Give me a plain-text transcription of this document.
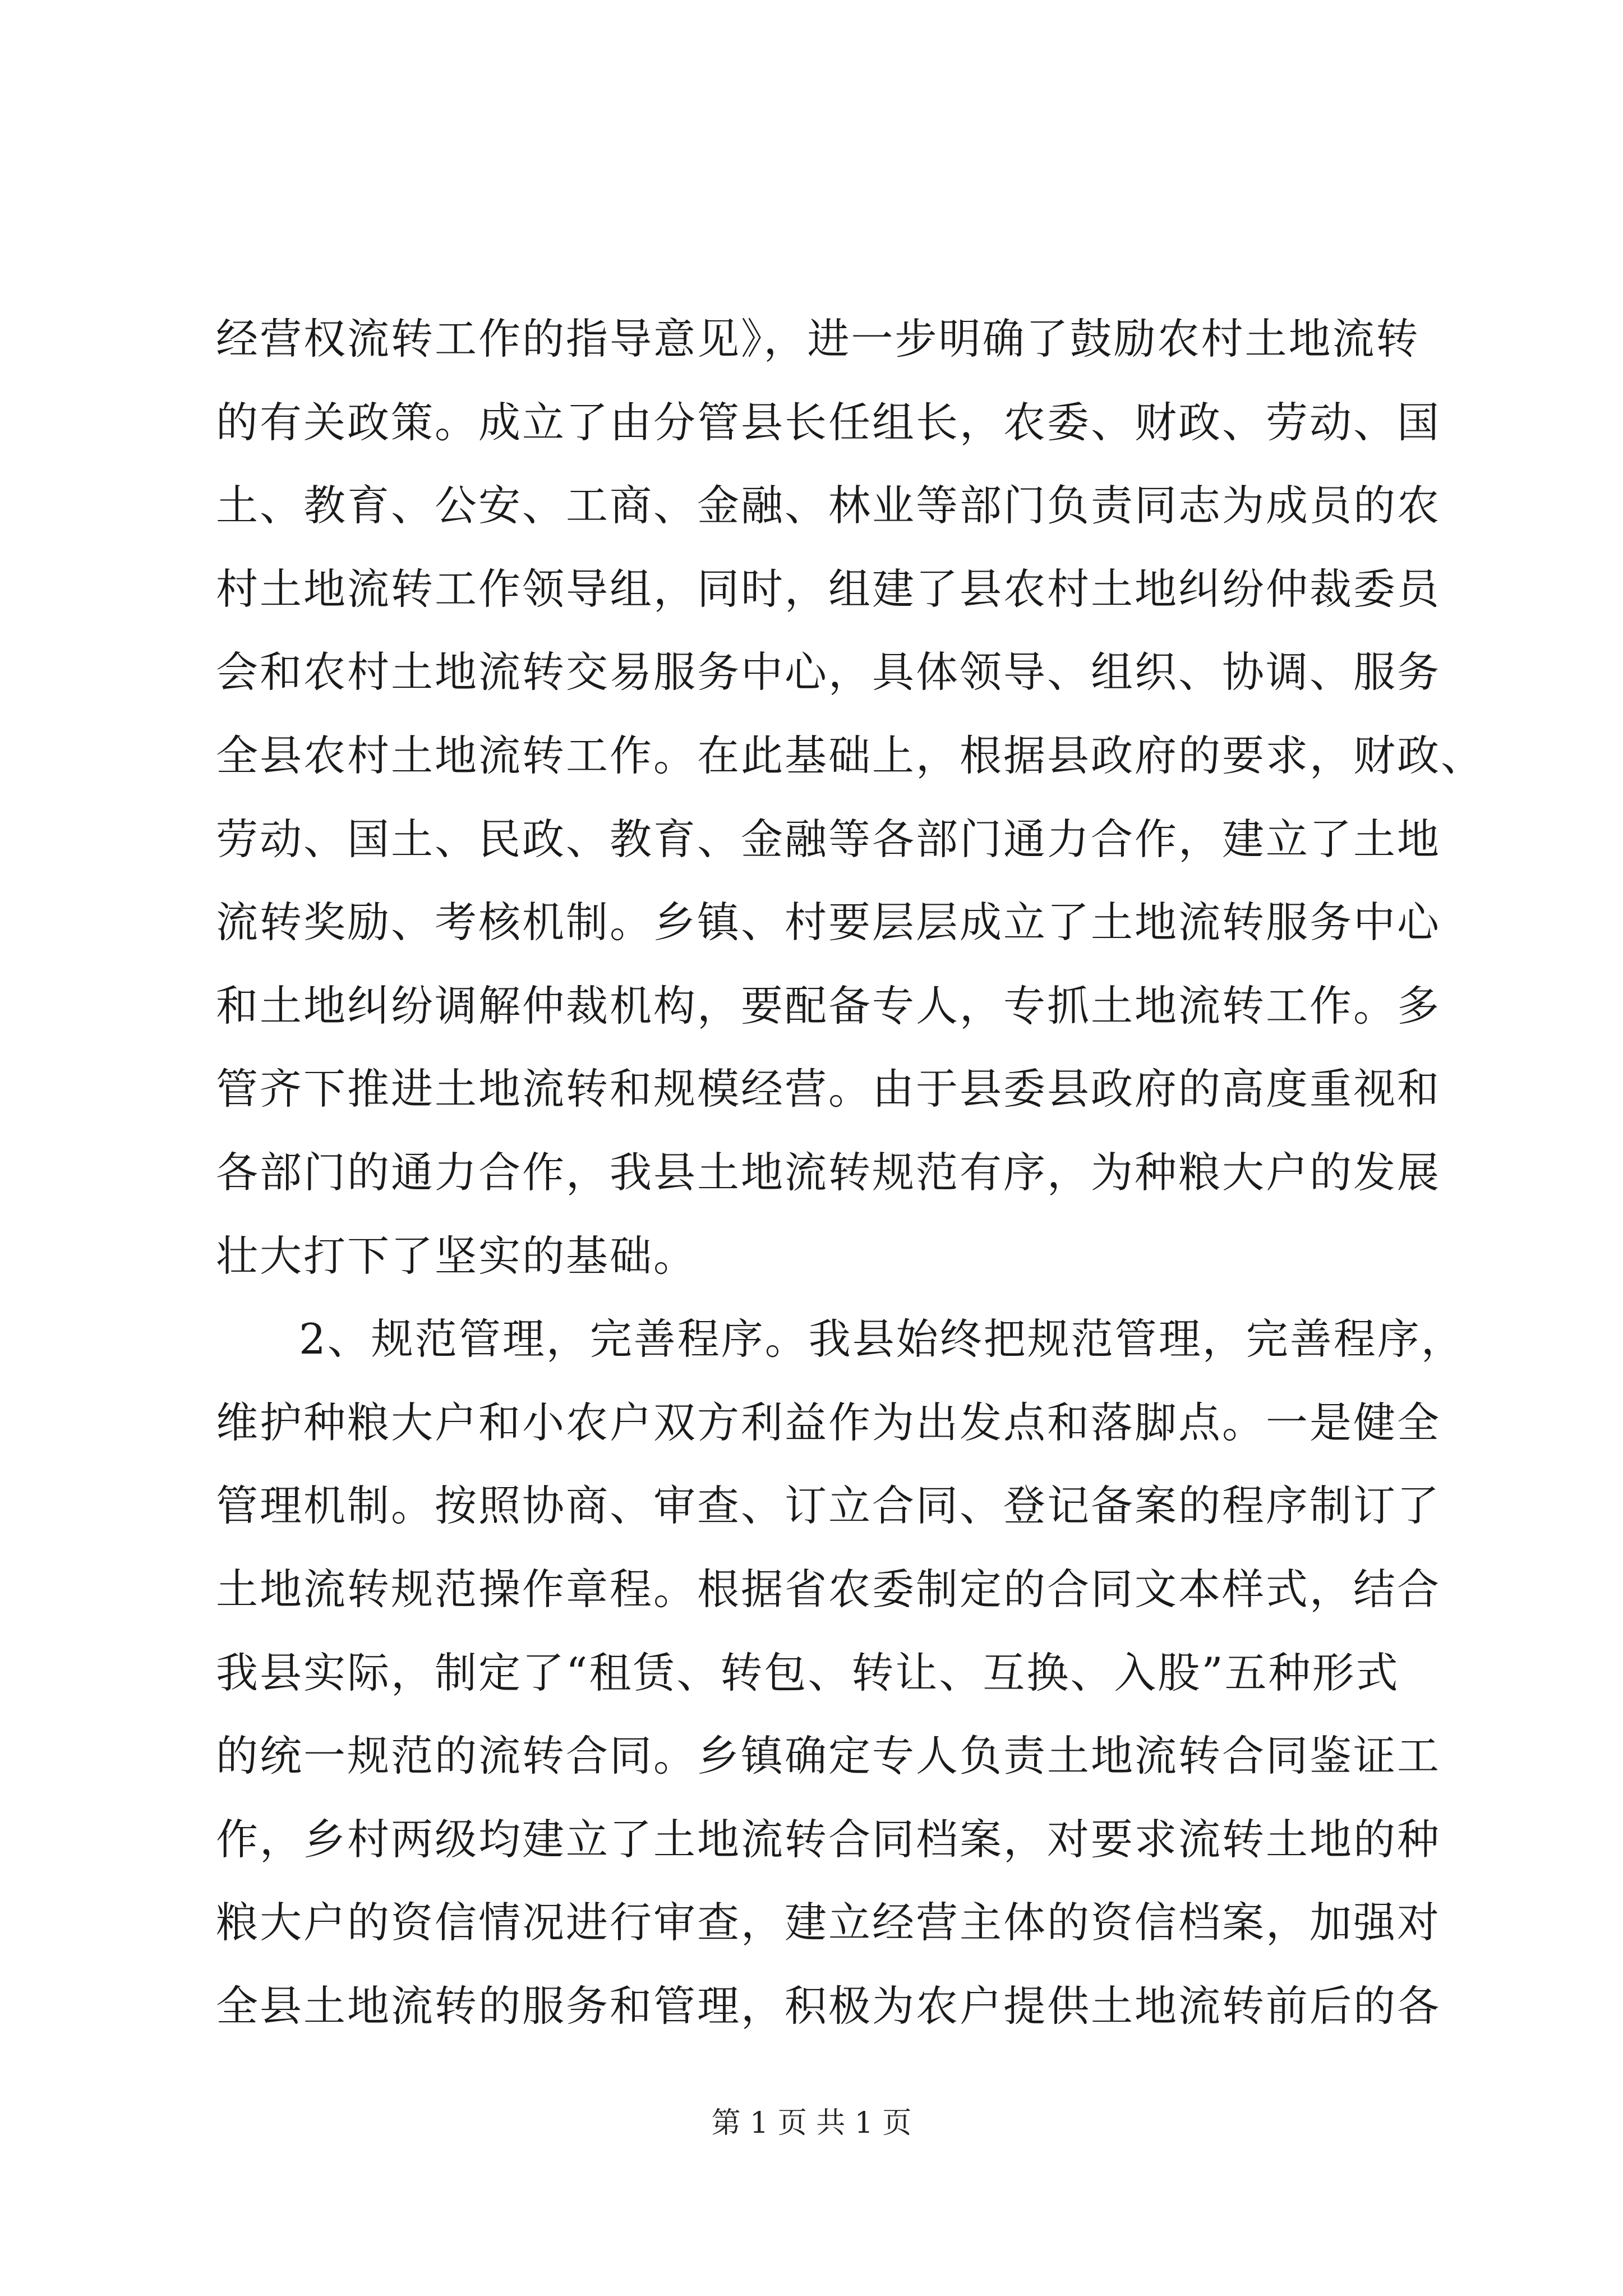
经营权流转工作的指导意见》，进一步明确了鼓励农村土地流转
的有关政策。成立了由分管县长任组长，农委、财政、劳动、国
土、教育、公安、工商、金融、林业等部门负责同志为成员的农
村土地流转工作领导组，同时，组建了县农村土地纠纷仲裁委员
会和农村土地流转交易服务中心，具体领导、组织、协调、服务
全县农村土地流转工作。在此基础上，根据县政府的要求，财政、
劳动、国土、民政、教育、金融等各部门通力合作，建立了土地
流转奖励、考核机制。乡镇、村要层层成立了土地流转服务中心
和土地纠纷调解仲裁机构，要配备专人，专抓土地流转工作。多
管齐下推进土地流转和规模经营。由于县委县政府的高度重视和
各部门的通力合作，我县土地流转规范有序，为种粮大户的发展
壮大打下了坚实的基础。
2、规范管理，完善程序。我县始终把规范管理，完善程序，
维护种粮大户和小农户双方利益作为出发点和落脚点。一是健全
管理机制。按照协商、审查、订立合同、登记备案的程序制订了
土地流转规范操作章程。根据省农委制定的合同文本样式，结合
我县实际，制定了“租赁、转包、转让、互换、入股”五种形式
的统一规范的流转合同。乡镇确定专人负责土地流转合同鉴证工
作，乡村两级均建立了土地流转合同档案，对要求流转土地的种
粮大户的资信情况进行审查，建立经营主体的资信档案，加强对
全县土地流转的服务和管理，积极为农户提供土地流转前后的各
第 1 页 共 1 页
